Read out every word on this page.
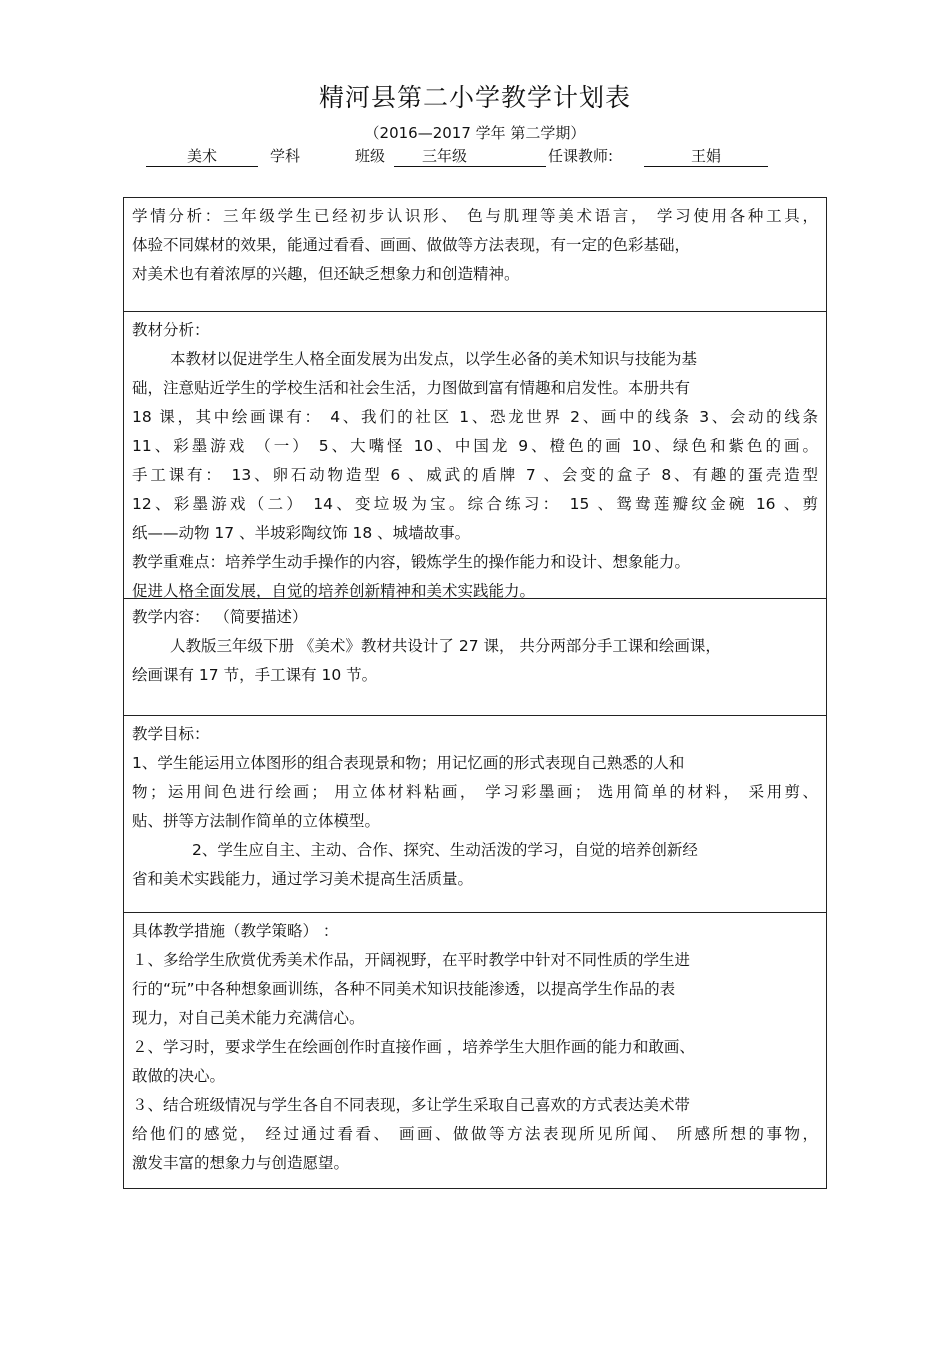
精河县第二小学教学计划表
（2016—2017 学年 第二学期）
美术	学科	班级	三年级	任课教师:	王娟
学情分析：三年级学生已经初步认识形、 色与肌理等美术语言， 学习使用各种工具，
体验不同媒材的效果，能通过看看、画画、做做等方法表现，有一定的色彩基础，
对美术也有着浓厚的兴趣，但还缺乏想象力和创造精神。
教材分析：
本教材以促进学生人格全面发展为出发点，以学生必备的美术知识与技能为基
础，注意贴近学生的学校生活和社会生活，力图做到富有情趣和启发性。本册共有
18 课，其中绘画课有： 4、我们的社区 1、恐龙世界 2、画中的线条 3、会动的线条
11、彩墨游戏 （一） 5、大嘴怪 10、中国龙 9、橙色的画 10、绿色和紫色的画。
手工课有： 13、卵石动物造型 6 、威武的盾牌 7 、会变的盒子 8、有趣的蛋壳造型
12、彩墨游戏（二） 14、变垃圾为宝。综合练习： 15 、鸳鸯莲瓣纹金碗 16 、剪
纸——动物 17 、半坡彩陶纹饰 18 、城墙故事。
教学重难点：培养学生动手操作的内容，锻炼学生的操作能力和设计、想象能力。
促进人格全面发展，自觉的培养创新精神和美术实践能力。
教学内容： （简要描述）
人教版三年级下册 《美术》教材共设计了 27 课， 共分两部分手工课和绘画课，
绘画课有 17 节，手工课有 10 节。
教学目标：
1、学生能运用立体图形的组合表现景和物；用记忆画的形式表现自己熟悉的人和
物；运用间色进行绘画； 用立体材料粘画， 学习彩墨画； 选用简单的材料， 采用剪、
贴、拼等方法制作简单的立体模型。
2、学生应自主、主动、合作、探究、生动活泼的学习，自觉的培养创新经
省和美术实践能力，通过学习美术提高生活质量。
具体教学措施（教学策略） ：
１、多给学生欣赏优秀美术作品，开阔视野，在平时教学中针对不同性质的学生进
行的“玩”中各种想象画训练，各种不同美术知识技能渗透，以提高学生作品的表
现力，对自己美术能力充满信心。
２、学习时，要求学生在绘画创作时直接作画 ，培养学生大胆作画的能力和敢画、
敢做的决心。
３、结合班级情况与学生各自不同表现，多让学生采取自己喜欢的方式表达美术带
给他们的感觉， 经过通过看看、 画画、做做等方法表现所见所闻、 所感所想的事物，
激发丰富的想象力与创造愿望。
